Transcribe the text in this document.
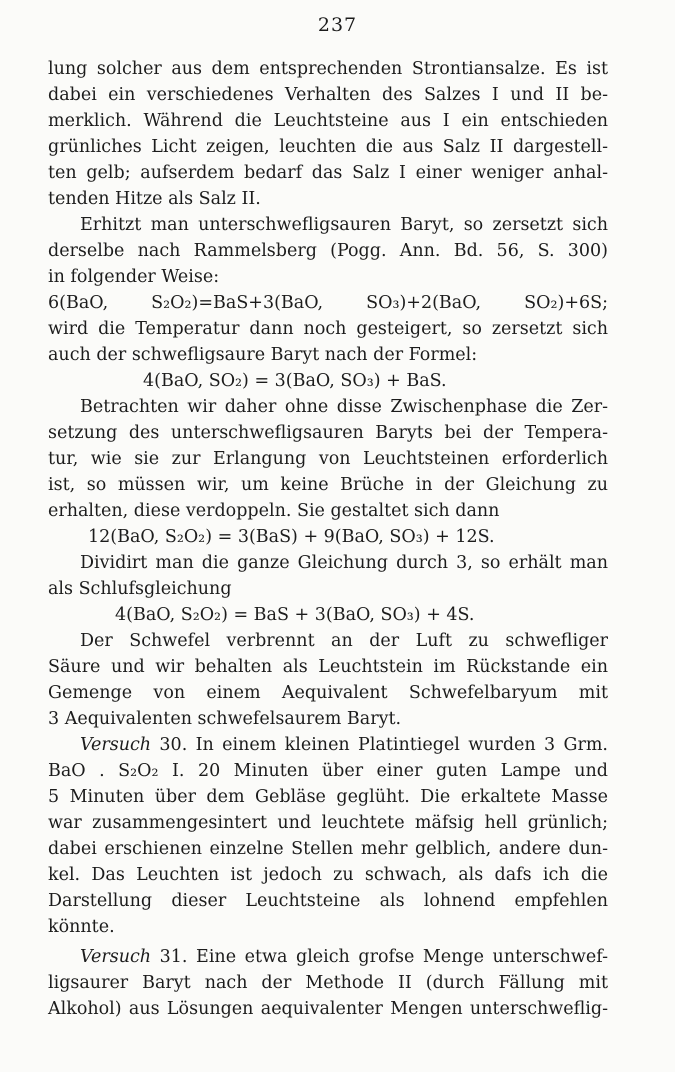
237
lung solcher aus dem entsprechenden Strontiansalze. Es ist
dabei ein verschiedenes Verhalten des Salzes I und II be-
merklich. Während die Leuchtsteine aus I ein entschieden
grünliches Licht zeigen, leuchten die aus Salz II dargestell-
ten gelb; aufserdem bedarf das Salz I einer weniger anhal-
tenden Hitze als Salz II.
Erhitzt man unterschwefligsauren Baryt, so zersetzt sich
derselbe nach Rammelsberg (Pogg. Ann. Bd. 56, S. 300)
in folgender Weise:
6(BaO, S₂O₂)=BaS+3(BaO, SO₃)+2(BaO, SO₂)+6S;
wird die Temperatur dann noch gesteigert, so zersetzt sich
auch der schwefligsaure Baryt nach der Formel:
4(BaO, SO₂) = 3(BaO, SO₃) + BaS.
Betrachten wir daher ohne disse Zwischenphase die Zer-
setzung des unterschwefligsauren Baryts bei der Tempera-
tur, wie sie zur Erlangung von Leuchtsteinen erforderlich
ist, so müssen wir, um keine Brüche in der Gleichung zu
erhalten, diese verdoppeln. Sie gestaltet sich dann
12(BaO, S₂O₂) = 3(BaS) + 9(BaO, SO₃) + 12S.
Dividirt man die ganze Gleichung durch 3, so erhält man
als Schlufsgleichung
4(BaO, S₂O₂) = BaS + 3(BaO, SO₃) + 4S.
Der Schwefel verbrennt an der Luft zu schwefliger
Säure und wir behalten als Leuchtstein im Rückstande ein
Gemenge von einem Aequivalent Schwefelbaryum mit
3 Aequivalenten schwefelsaurem Baryt.
Versuch 30. In einem kleinen Platintiegel wurden 3 Grm.
BaO . S₂O₂ I. 20 Minuten über einer guten Lampe und
5 Minuten über dem Gebläse geglüht. Die erkaltete Masse
war zusammengesintert und leuchtete mäfsig hell grünlich;
dabei erschienen einzelne Stellen mehr gelblich, andere dun-
kel. Das Leuchten ist jedoch zu schwach, als dafs ich die
Darstellung dieser Leuchtsteine als lohnend empfehlen
könnte.
Versuch 31. Eine etwa gleich grofse Menge unterschwef-
ligsaurer Baryt nach der Methode II (durch Fällung mit
Alkohol) aus Lösungen aequivalenter Mengen unterschweflig-
